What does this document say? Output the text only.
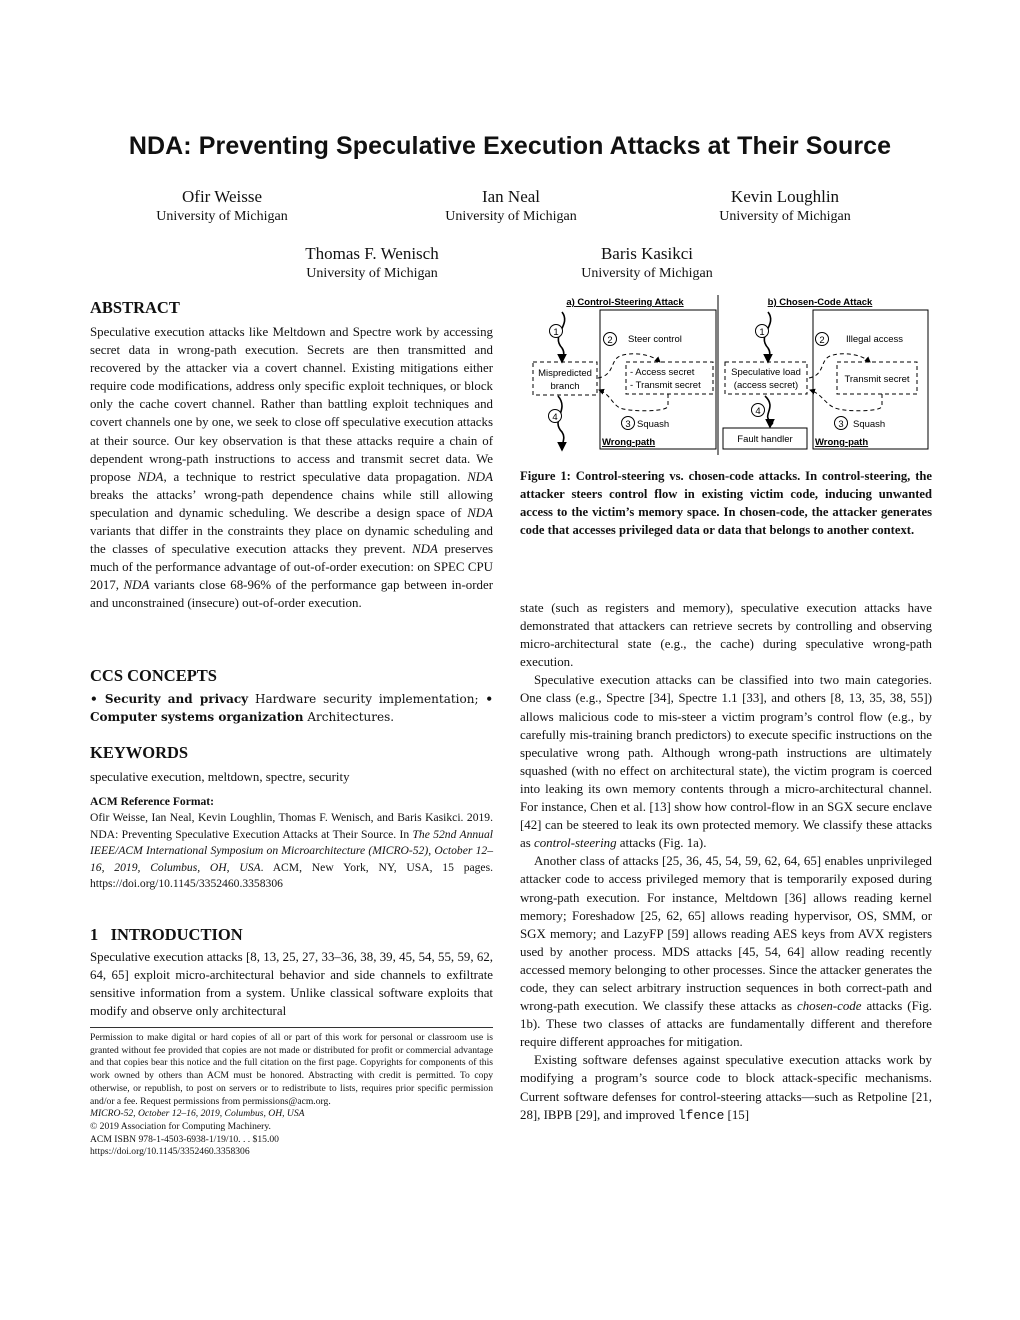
NDA: Preventing Speculative Execution Attacks at Their Source
Ofir Weisse
University of Michigan
Ian Neal
University of Michigan
Kevin Loughlin
University of Michigan
Thomas F. Wenisch
University of Michigan
Baris Kasikci
University of Michigan
ABSTRACT

Speculative execution attacks like Meltdown and Spectre work by accessing secret data in wrong-path execution. Secrets are then transmitted and recovered by the attacker via a covert channel. Existing mitigations either require code modifications, address only specific exploit techniques, or block only the cache covert channel. Rather than battling exploit techniques and covert channels one by one, we seek to close off speculative execution attacks at their source. Our key observation is that these attacks require a chain of dependent wrong-path instructions to access and transmit secret data. We propose NDA, a technique to restrict speculative data propagation. NDA breaks the attacks’ wrong-path dependence chains while still allowing speculation and dynamic scheduling. We describe a design space of NDA variants that differ in the constraints they place on dynamic scheduling and the classes of speculative execution attacks they prevent. NDA preserves much of the performance advantage of out-of-order execution: on SPEC CPU 2017, NDA variants close 68-96% of the performance gap between in-order and unconstrained (insecure) out-of-order execution.

CCS CONCEPTS
• Security and privacy Hardware security implementation; • Computer systems organization Architectures.
KEYWORDS
speculative execution, meltdown, spectre, security
ACM Reference Format:

Ofir Weisse, Ian Neal, Kevin Loughlin, Thomas F. Wenisch, and Baris Kasikci. 2019. NDA: Preventing Speculative Execution Attacks at Their Source. In The 52nd Annual IEEE/ACM International Symposium on Microarchitecture (MICRO-52), October 12–16, 2019, Columbus, OH, USA. ACM, New York, NY, USA, 15 pages. https://doi.org/10.1145/3352460.3358306

1   INTRODUCTION
Speculative execution attacks [8, 13, 25, 27, 33–36, 38, 39, 45, 54, 55, 59, 62, 64, 65] exploit micro-architectural behavior and side channels to exfiltrate sensitive information from a system. Unlike classical software exploits that modify and observe only architectural

Permission to make digital or hard copies of all or part of this work for personal or classroom use is granted without fee provided that copies are not made or distributed for profit or commercial advantage and that copies bear this notice and the full citation on the first page. Copyrights for components of this work owned by others than ACM must be honored. Abstracting with credit is permitted. To copy otherwise, or republish, to post on servers or to redistribute to lists, requires prior specific permission and/or a fee. Request permissions from permissions@acm.org.

MICRO-52, October 12–16, 2019, Columbus, OH, USA

© 2019 Association for Computing Machinery.

ACM ISBN 978-1-4503-6938-1/19/10. . . $15.00

https://doi.org/10.1145/3352460.3358306

a) Control-Steering Attack	b) Chosen-Code Attack
1
2 Steer control
Mispredicted
branch
- Access secret
- Transmit secret
4
3 Squash
Wrong-path
1
2 Illegal access
Speculative load
(access secret)
Transmit secret
4
Fault handler
3 Squash
Wrong-path
Figure 1: Control-steering vs. chosen-code attacks. In control-steering, the attacker steers control flow in existing victim code, inducing unwanted access to the victim’s memory space. In chosen-code, the attacker generates code that accesses privileged data or data that belongs to another context.

state (such as registers and memory), speculative execution attacks have demonstrated that attackers can retrieve secrets by controlling and observing micro-architectural state (e.g., the cache) during speculative wrong-path execution.

Speculative execution attacks can be classified into two main categories. One class (e.g., Spectre [34], Spectre 1.1 [33], and others [8, 13, 35, 38, 55]) allows malicious code to mis-steer a victim program’s control flow (e.g., by carefully mis-training branch predictors) to execute specific instructions on the speculative wrong path. Although wrong-path instructions are ultimately squashed (with no effect on architectural state), the victim program is coerced into leaking its own memory contents through a micro-architectural channel. For instance, Chen et al. [13] show how control-flow in an SGX secure enclave [42] can be steered to leak its own protected memory. We classify these attacks as control-steering attacks (Fig. 1a).

Another class of attacks [25, 36, 45, 54, 59, 62, 64, 65] enables unprivileged attacker code to access privileged memory that is temporarily exposed during wrong-path execution. For instance, Meltdown [36] allows reading kernel memory; Foreshadow [25, 62, 65] allows reading hypervisor, OS, SMM, or SGX memory; and LazyFP [59] allows reading AES keys from AVX registers used by another process. MDS attacks [45, 54, 64] allow reading recently accessed memory belonging to other processes. Since the attacker generates the code, they can select arbitrary instruction sequences in both correct-path and wrong-path execution. We classify these attacks as chosen-code attacks (Fig. 1b). These two classes of attacks are fundamentally different and therefore require different approaches for mitigation.

Existing software defenses against speculative execution attacks work by modifying a program’s source code to block attack-specific mechanisms. Current software defenses for control-steering attacks—such as Retpoline [21, 28], IBPB [29], and improved lfence [15]
